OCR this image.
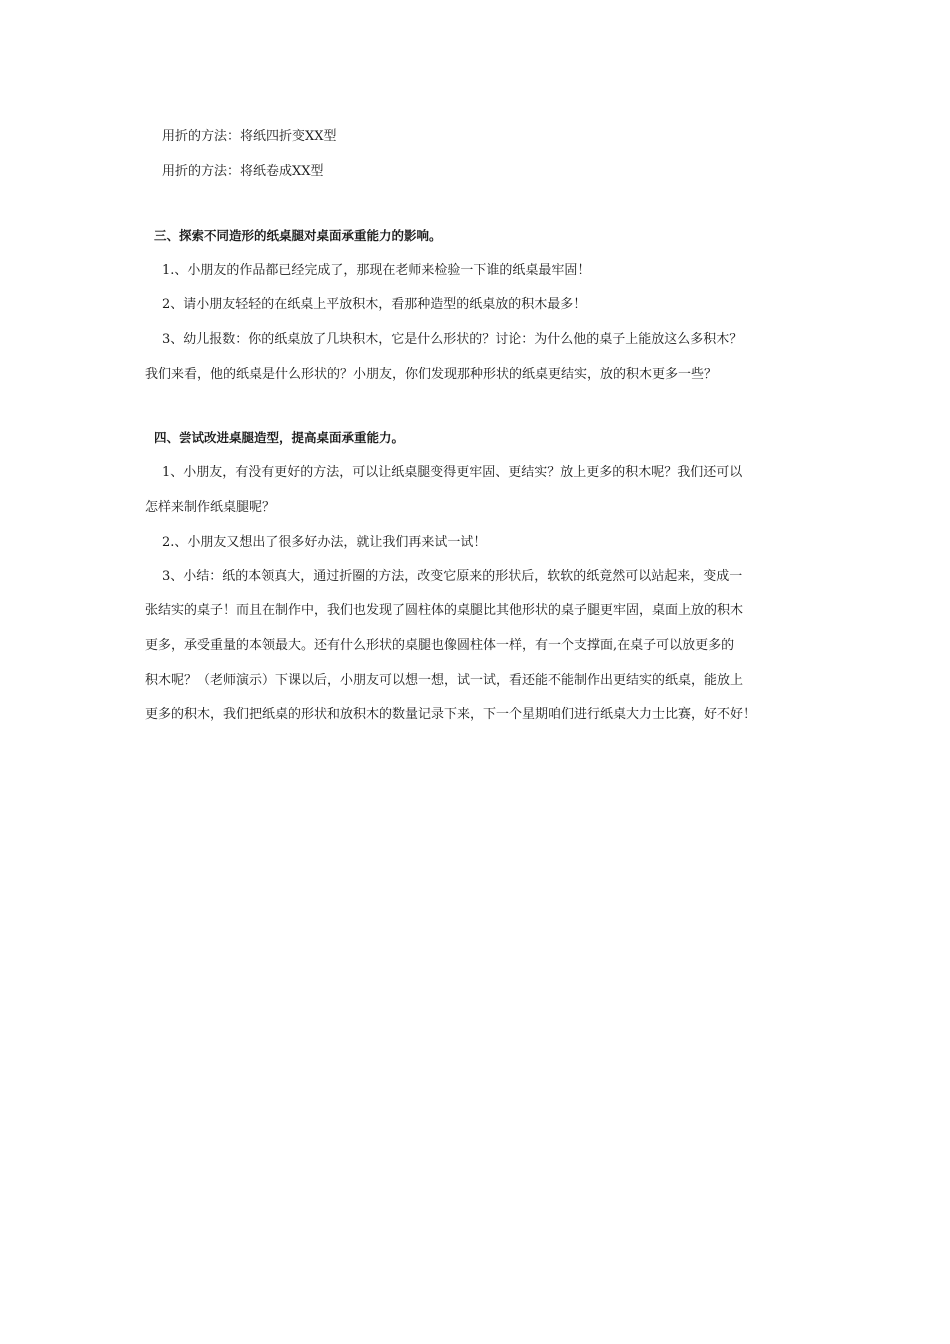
用折的方法：将纸四折变XX型
用折的方法：将纸卷成XX型
三、探索不同造形的纸桌腿对桌面承重能力的影响。
1.、小朋友的作品都已经完成了，那现在老师来检验一下谁的纸桌最牢固！
2、请小朋友轻轻的在纸桌上平放积木，看那种造型的纸桌放的积木最多！
3、幼儿报数：你的纸桌放了几块积木，它是什么形状的？讨论：为什么他的桌子上能放这么多积木？
我们来看，他的纸桌是什么形状的？小朋友，你们发现那种形状的纸桌更结实，放的积木更多一些？
四、尝试改进桌腿造型，提高桌面承重能力。
1、小朋友，有没有更好的方法，可以让纸桌腿变得更牢固、更结实？放上更多的积木呢？我们还可以
怎样来制作纸桌腿呢？
2.、小朋友又想出了很多好办法，就让我们再来试一试！
3、小结：纸的本领真大，通过折圈的方法，改变它原来的形状后，软软的纸竟然可以站起来，变成一
张结实的桌子！而且在制作中，我们也发现了圆柱体的桌腿比其他形状的桌子腿更牢固，桌面上放的积木
更多，承受重量的本领最大。还有什么形状的桌腿也像圆柱体一样，有一个支撑面,在桌子可以放更多的
积木呢？（老师演示）下课以后，小朋友可以想一想，试一试，看还能不能制作出更结实的纸桌，能放上
更多的积木，我们把纸桌的形状和放积木的数量记录下来，下一个星期咱们进行纸桌大力士比赛，好不好！
